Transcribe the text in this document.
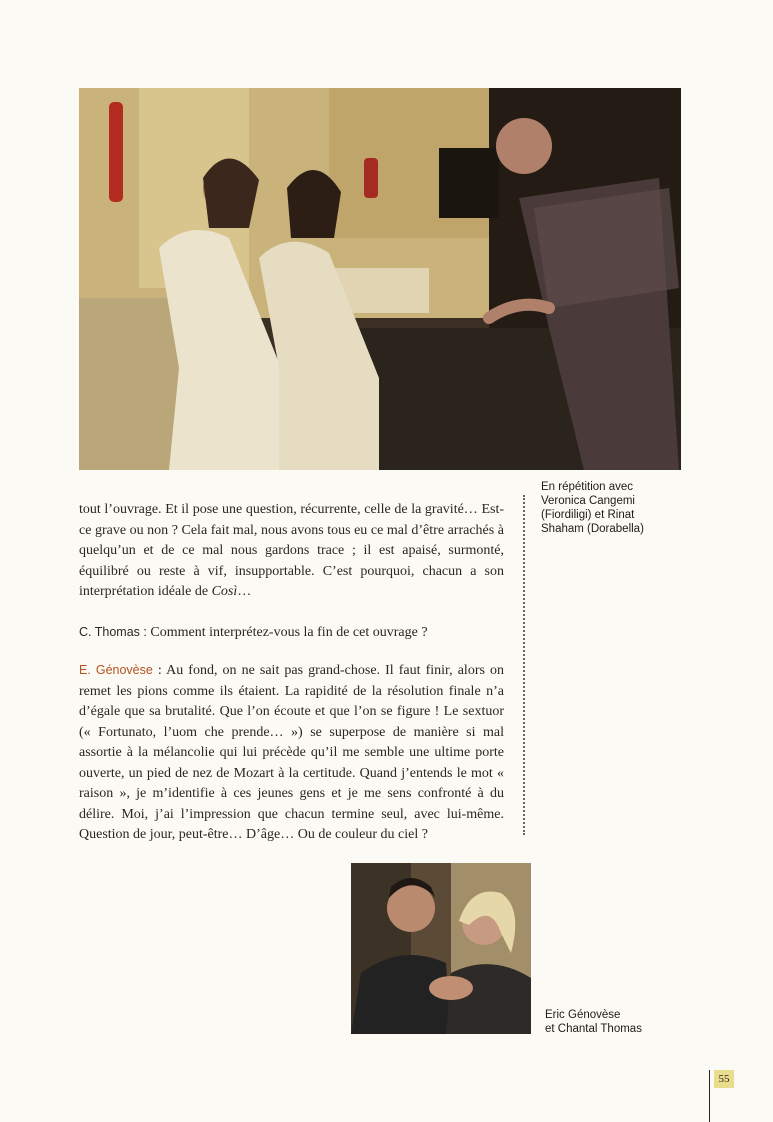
En répétition avec
Veronica Cangemi
(Fiordiligi) et Rinat
Shaham (Dorabella)

tout l’ouvrage. Et il pose une question, récurrente, celle de la gravité… Est-ce grave ou non ? Cela fait mal, nous avons tous eu ce mal d’être arrachés à quelqu’un et de ce mal nous gardons trace ; il est apaisé, surmonté, équilibré ou reste à vif, insupportable. C’est pourquoi, chacun a son interprétation idéale de Così…

C. Thomas : Comment interprétez-vous la fin de cet ouvrage ?

E. Génovèse : Au fond, on ne sait pas grand-chose. Il faut finir, alors on remet les pions comme ils étaient. La rapidité de la résolution finale n’a d’égale que sa brutalité. Que l’on écoute et que l’on se figure ! Le sextuor (« Fortunato, l’uom che prende… ») se superpose de manière si mal assortie à la mélancolie qui lui précède qu’il me semble une ultime porte ouverte, un pied de nez de Mozart à la certitude. Quand j’entends le mot « raison », je m’identifie à ces jeunes gens et je me sens confronté à du délire. Moi, j’ai l’impression que chacun termine seul, avec lui-même. Question de jour, peut-être… D’âge… Ou de couleur du ciel ?

Eric Génovèse
et Chantal Thomas
55
